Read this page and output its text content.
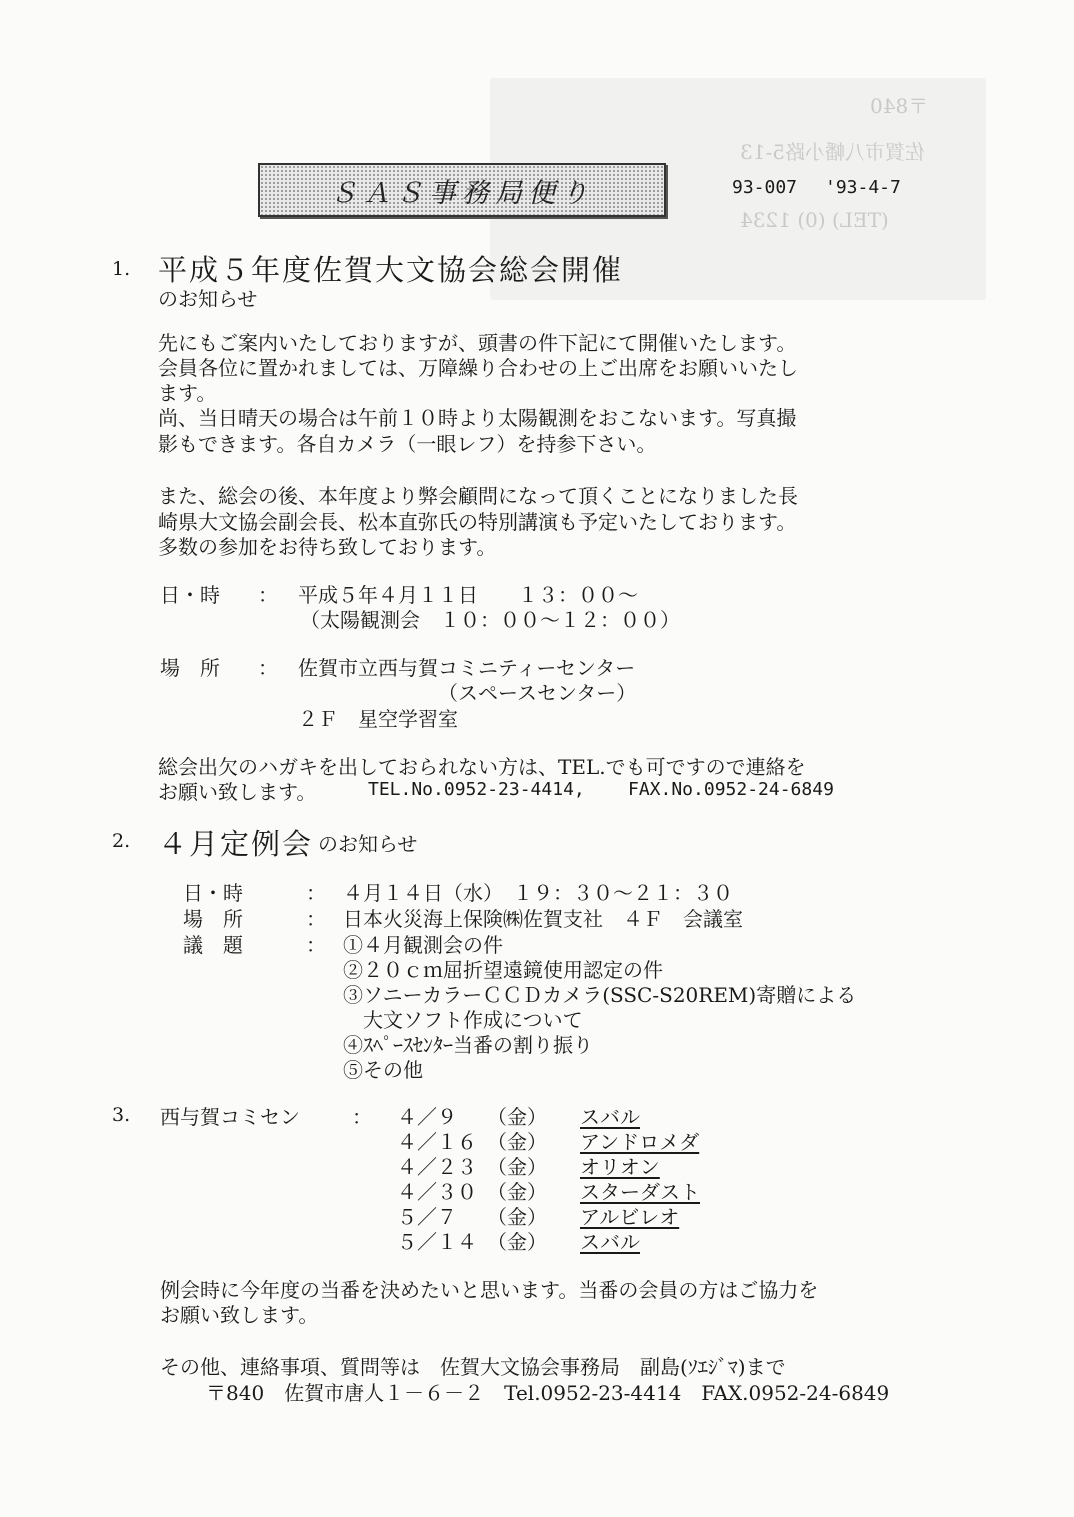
〒840
佐賀市八幡小路5-13
(TEL) (0) 1234
ＳＡＳ事務局便り	93-007 '93-4-7
1. 平成５年度佐賀大文協会総会開催
のお知らせ
先にもご案内いたしておりますが、頭書の件下記にて開催いたします。
会員各位に置かれましては、万障繰り合わせの上ご出席をお願いいたし
ます。
尚、当日晴天の場合は午前１０時より太陽観測をおこないます。写真撮
影もできます。各自カメラ（一眼レフ）を持参下さい。
また、総会の後、本年度より弊会顧問になって頂くことになりました長
崎県大文協会副会長、松本直弥氏の特別講演も予定いたしております。
多数の参加をお待ち致しております。
日・時 ： 平成５年４月１１日　　１３：００～
（太陽観測会　１０：００～１２：００）
場　所 ： 佐賀市立西与賀コミニティーセンター
（スペースセンター）
２Ｆ　星空学習室
総会出欠のハガキを出しておられない方は、TEL.でも可ですので連絡を
お願い致します。	TEL.No.0952-23-4414, FAX.No.0952-24-6849
2. ４月定例会 のお知らせ
日・時	： ４月１４日（水）　１９：３０～２１：３０
場　所	： 日本火災海上保険㈱佐賀支社　４Ｆ　会議室
議　題	： ①４月観測会の件
②２０ｃｍ屈折望遠鏡使用認定の件
③ソニーカラーＣＣＤカメラ(SSC-S20REM)寄贈による
　大文ソフト作成について
④ｽﾍﾟｰｽｾﾝﾀｰ当番の割り振り
⑤その他
3. 西与賀コミセン	： ４／９ （金） スバル
４／１６ （金） アンドロメダ
４／２３ （金） オリオン
４／３０ （金） スターダスト
５／７ （金） アルビレオ
５／１４ （金） スバル
例会時に今年度の当番を決めたいと思います。当番の会員の方はご協力を
お願い致します。
その他、連絡事項、質問等は　佐賀大文協会事務局　副島(ｿｴｼﾞﾏ)まで
〒840　佐賀市唐人１－６－２　Tel.0952-23-4414　FAX.0952-24-6849
